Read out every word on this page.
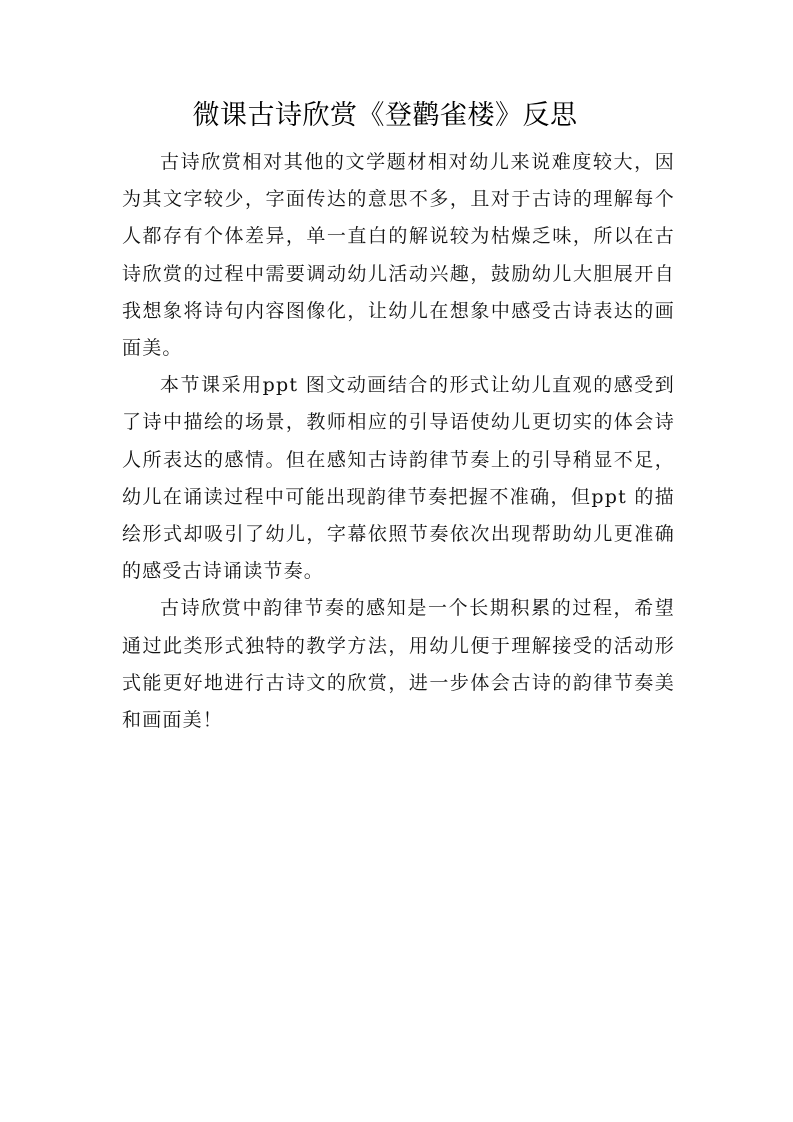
微课古诗欣赏《登鹳雀楼》反思

古诗欣赏相对其他的文学题材相对幼儿来说难度较大，因为其文字较少，字面传达的意思不多，且对于古诗的理解每个人都存有个体差异，单一直白的解说较为枯燥乏味，所以在古诗欣赏的过程中需要调动幼儿活动兴趣，鼓励幼儿大胆展开自我想象将诗句内容图像化，让幼儿在想象中感受古诗表达的画面美。

本节课采用ppt 图文动画结合的形式让幼儿直观的感受到了诗中描绘的场景，教师相应的引导语使幼儿更切实的体会诗人所表达的感情。但在感知古诗韵律节奏上的引导稍显不足，幼儿在诵读过程中可能出现韵律节奏把握不准确，但ppt 的描绘形式却吸引了幼儿，字幕依照节奏依次出现帮助幼儿更准确的感受古诗诵读节奏。

古诗欣赏中韵律节奏的感知是一个长期积累的过程，希望通过此类形式独特的教学方法，用幼儿便于理解接受的活动形式能更好地进行古诗文的欣赏，进一步体会古诗的韵律节奏美和画面美！
